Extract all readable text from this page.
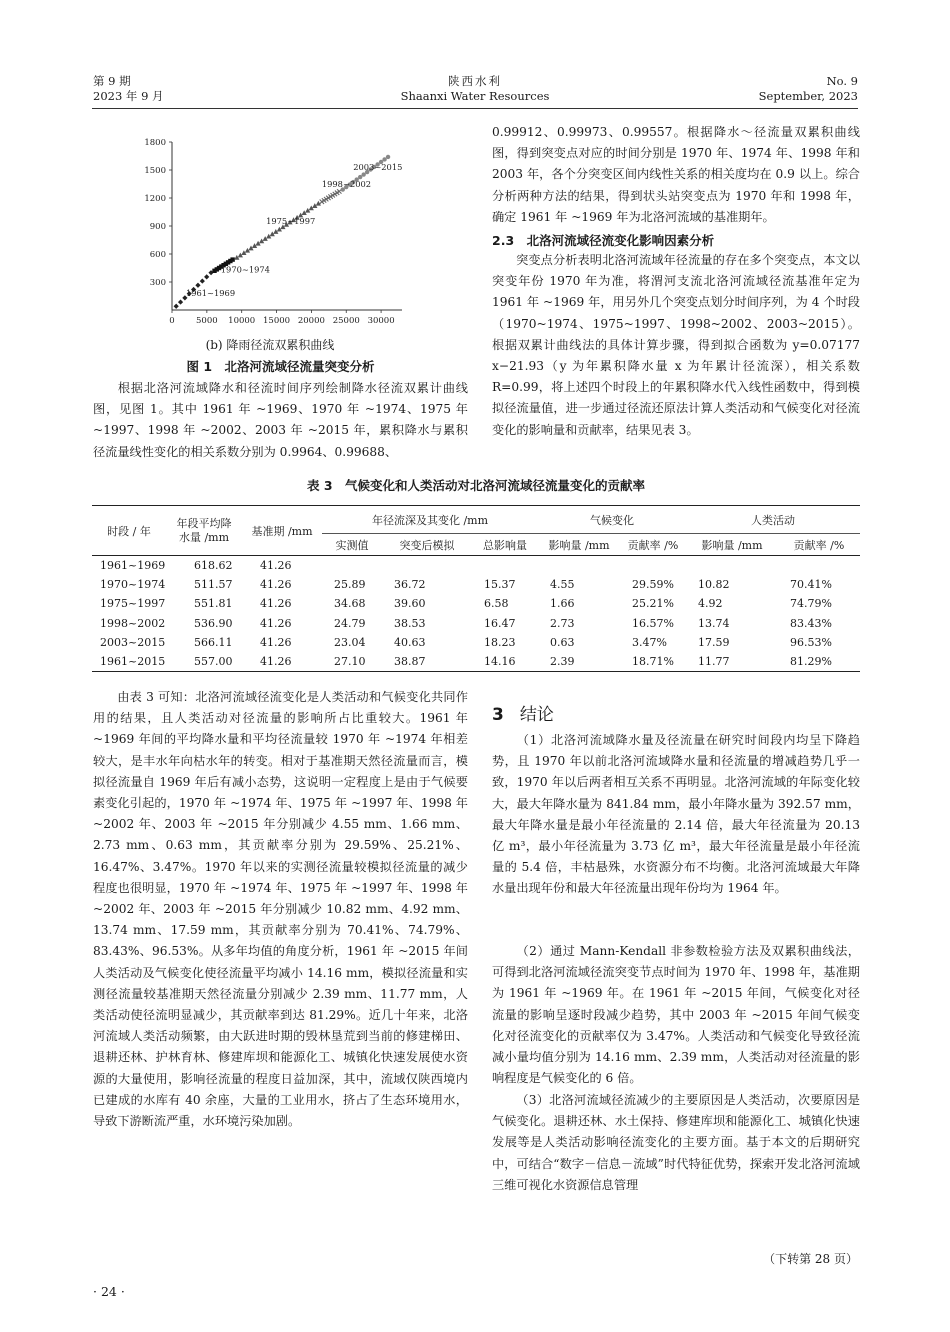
第 9 期
2023 年 9 月
陕西水利
Shaanxi Water Resources
No. 9
September, 2023
0	5000 10000 15000 20000 25000 30000
300
600
900
1200
1500
1800
1961~1969
1970~1974
1975~1997
1998~2002
2003~2015
(b) 降雨径流双累积曲线
图 1　北洛河流域径流量突变分析
根据北洛河流域降水和径流时间序列绘制降水径流双累计曲线图，见图 1。其中 1961 年 ~1969、1970 年 ~1974、1975 年 ~1997、1998 年 ~2002、2003 年 ~2015 年，累积降水与累积径流量线性变化的相关系数分别为 0.9964、0.99688、
0.99912、0.99973、0.99557。根据降水～径流量双累积曲线图，得到突变点对应的时间分别是 1970 年、1974 年、1998 年和 2003 年，各个分突变区间内线性关系的相关度均在 0.9 以上。综合分析两种方法的结果，得到状头站突变点为 1970 年和 1998 年，确定 1961 年 ~1969 年为北洛河流域的基准期年。
2.3　北洛河流域径流变化影响因素分析
突变点分析表明北洛河流域年径流量的存在多个突变点，本文以突变年份 1970 年为准，将渭河支流北洛河流域径流基准年定为 1961 年 ~1969 年，用另外几个突变点划分时间序列，为 4 个时段（1970~1974、1975~1997、1998~2002、2003~2015）。根据双累计曲线法的具体计算步骤，得到拟合函数为 y=0.07177 x−21.93（y 为年累积降水量 x 为年累计径流深），相关系数 R=0.99，将上述四个时段上的年累积降水代入线性函数中，得到模拟径流量值，进一步通过径流还原法计算人类活动和气候变化对径流变化的影响量和贡献率，结果见表 3。
表 3　气候变化和人类活动对北洛河流域径流量变化的贡献率
时段 / 年	年段平均降水量 /mm	基准期 /mm	年径流深及其变化 /mm			气候变化		人类活动	
			实测值	突变后模拟	总影响量	影响量 /mm	贡献率 /%	影响量 /mm	贡献率 /%
1961~1969	618.62	41.26							
1970~1974	511.57	41.26	25.89	36.72	15.37	4.55	29.59%	10.82	70.41%
1975~1997	551.81	41.26	34.68	39.60	6.58	1.66	25.21%	4.92	74.79%
1998~2002	536.90	41.26	24.79	38.53	16.47	2.73	16.57%	13.74	83.43%
2003~2015	566.11	41.26	23.04	40.63	18.23	0.63	3.47%	17.59	96.53%
1961~2015	557.00	41.26	27.10	38.87	14.16	2.39	18.71%	11.77	81.29%
由表 3 可知：北洛河流域径流变化是人类活动和气候变化共同作用的结果，且人类活动对径流量的影响所占比重较大。1961 年 ~1969 年间的平均降水量和平均径流量较 1970 年 ~1974 年相差较大，是丰水年向枯水年的转变。相对于基准期天然径流量而言，模拟径流量自 1969 年后有减小态势，这说明一定程度上是由于气候要素变化引起的，1970 年 ~1974 年、1975 年 ~1997 年、1998 年 ~2002 年、2003 年 ~2015 年分别减少 4.55 mm、1.66 mm、2.73 mm、0.63 mm，其贡献率分别为 29.59%、25.21%、16.47%、3.47%。1970 年以来的实测径流量较模拟径流量的减少程度也很明显，1970 年 ~1974 年、1975 年 ~1997 年、1998 年 ~2002 年、2003 年 ~2015 年分别减少 10.82 mm、4.92 mm、13.74 mm、17.59 mm，其贡献率分别为 70.41%、74.79%、83.43%、96.53%。从多年均值的角度分析，1961 年 ~2015 年间人类活动及气候变化使径流量平均减小 14.16 mm，模拟径流量和实测径流量较基准期天然径流量分别减少 2.39 mm、11.77 mm，人类活动使径流明显减少，其贡献率到达 81.29%。近几十年来，北洛河流域人类活动频繁，由大跃进时期的毁林垦荒到当前的修建梯田、退耕还林、护林育林、修建库坝和能源化工、城镇化快速发展使水资源的大量使用，影响径流量的程度日益加深，其中，流域仅陕西境内已建成的水库有 40 余座，大量的工业用水，挤占了生态环境用水，导致下游断流严重，水环境污染加剧。
3 结论
（1）北洛河流域降水量及径流量在研究时间段内均呈下降趋势，且 1970 年以前北洛河流域降水量和径流量的增减趋势几乎一致，1970 年以后两者相互关系不再明显。北洛河流域的年际变化较大，最大年降水量为 841.84 mm，最小年降水量为 392.57 mm，最大年降水量是最小年径流量的 2.14 倍，最大年径流量为 20.13 亿 m³，最小年径流量为 3.73 亿 m³，最大年径流量是最小年径流量的 5.4 倍，丰枯悬殊，水资源分布不均衡。北洛河流域最大年降水量出现年份和最大年径流量出现年份均为 1964 年。
（2）通过 Mann-Kendall 非参数检验方法及双累积曲线法，可得到北洛河流域径流突变节点时间为 1970 年、1998 年，基准期为 1961 年 ~1969 年。在 1961 年 ~2015 年间，气候变化对径流量的影响呈逐时段减少趋势，其中 2003 年 ~2015 年间气候变化对径流变化的贡献率仅为 3.47%。人类活动和气候变化导致径流减小量均值分别为 14.16 mm、2.39 mm，人类活动对径流量的影响程度是气候变化的 6 倍。
（3）北洛河流域径流减少的主要原因是人类活动，次要原因是气候变化。退耕还林、水土保持、修建库坝和能源化工、城镇化快速发展等是人类活动影响径流变化的主要方面。基于本文的后期研究中，可结合“数字－信息－流域”时代特征优势，探索开发北洛河流域三维可视化水资源信息管理
（下转第 28 页）
· 24 ·
